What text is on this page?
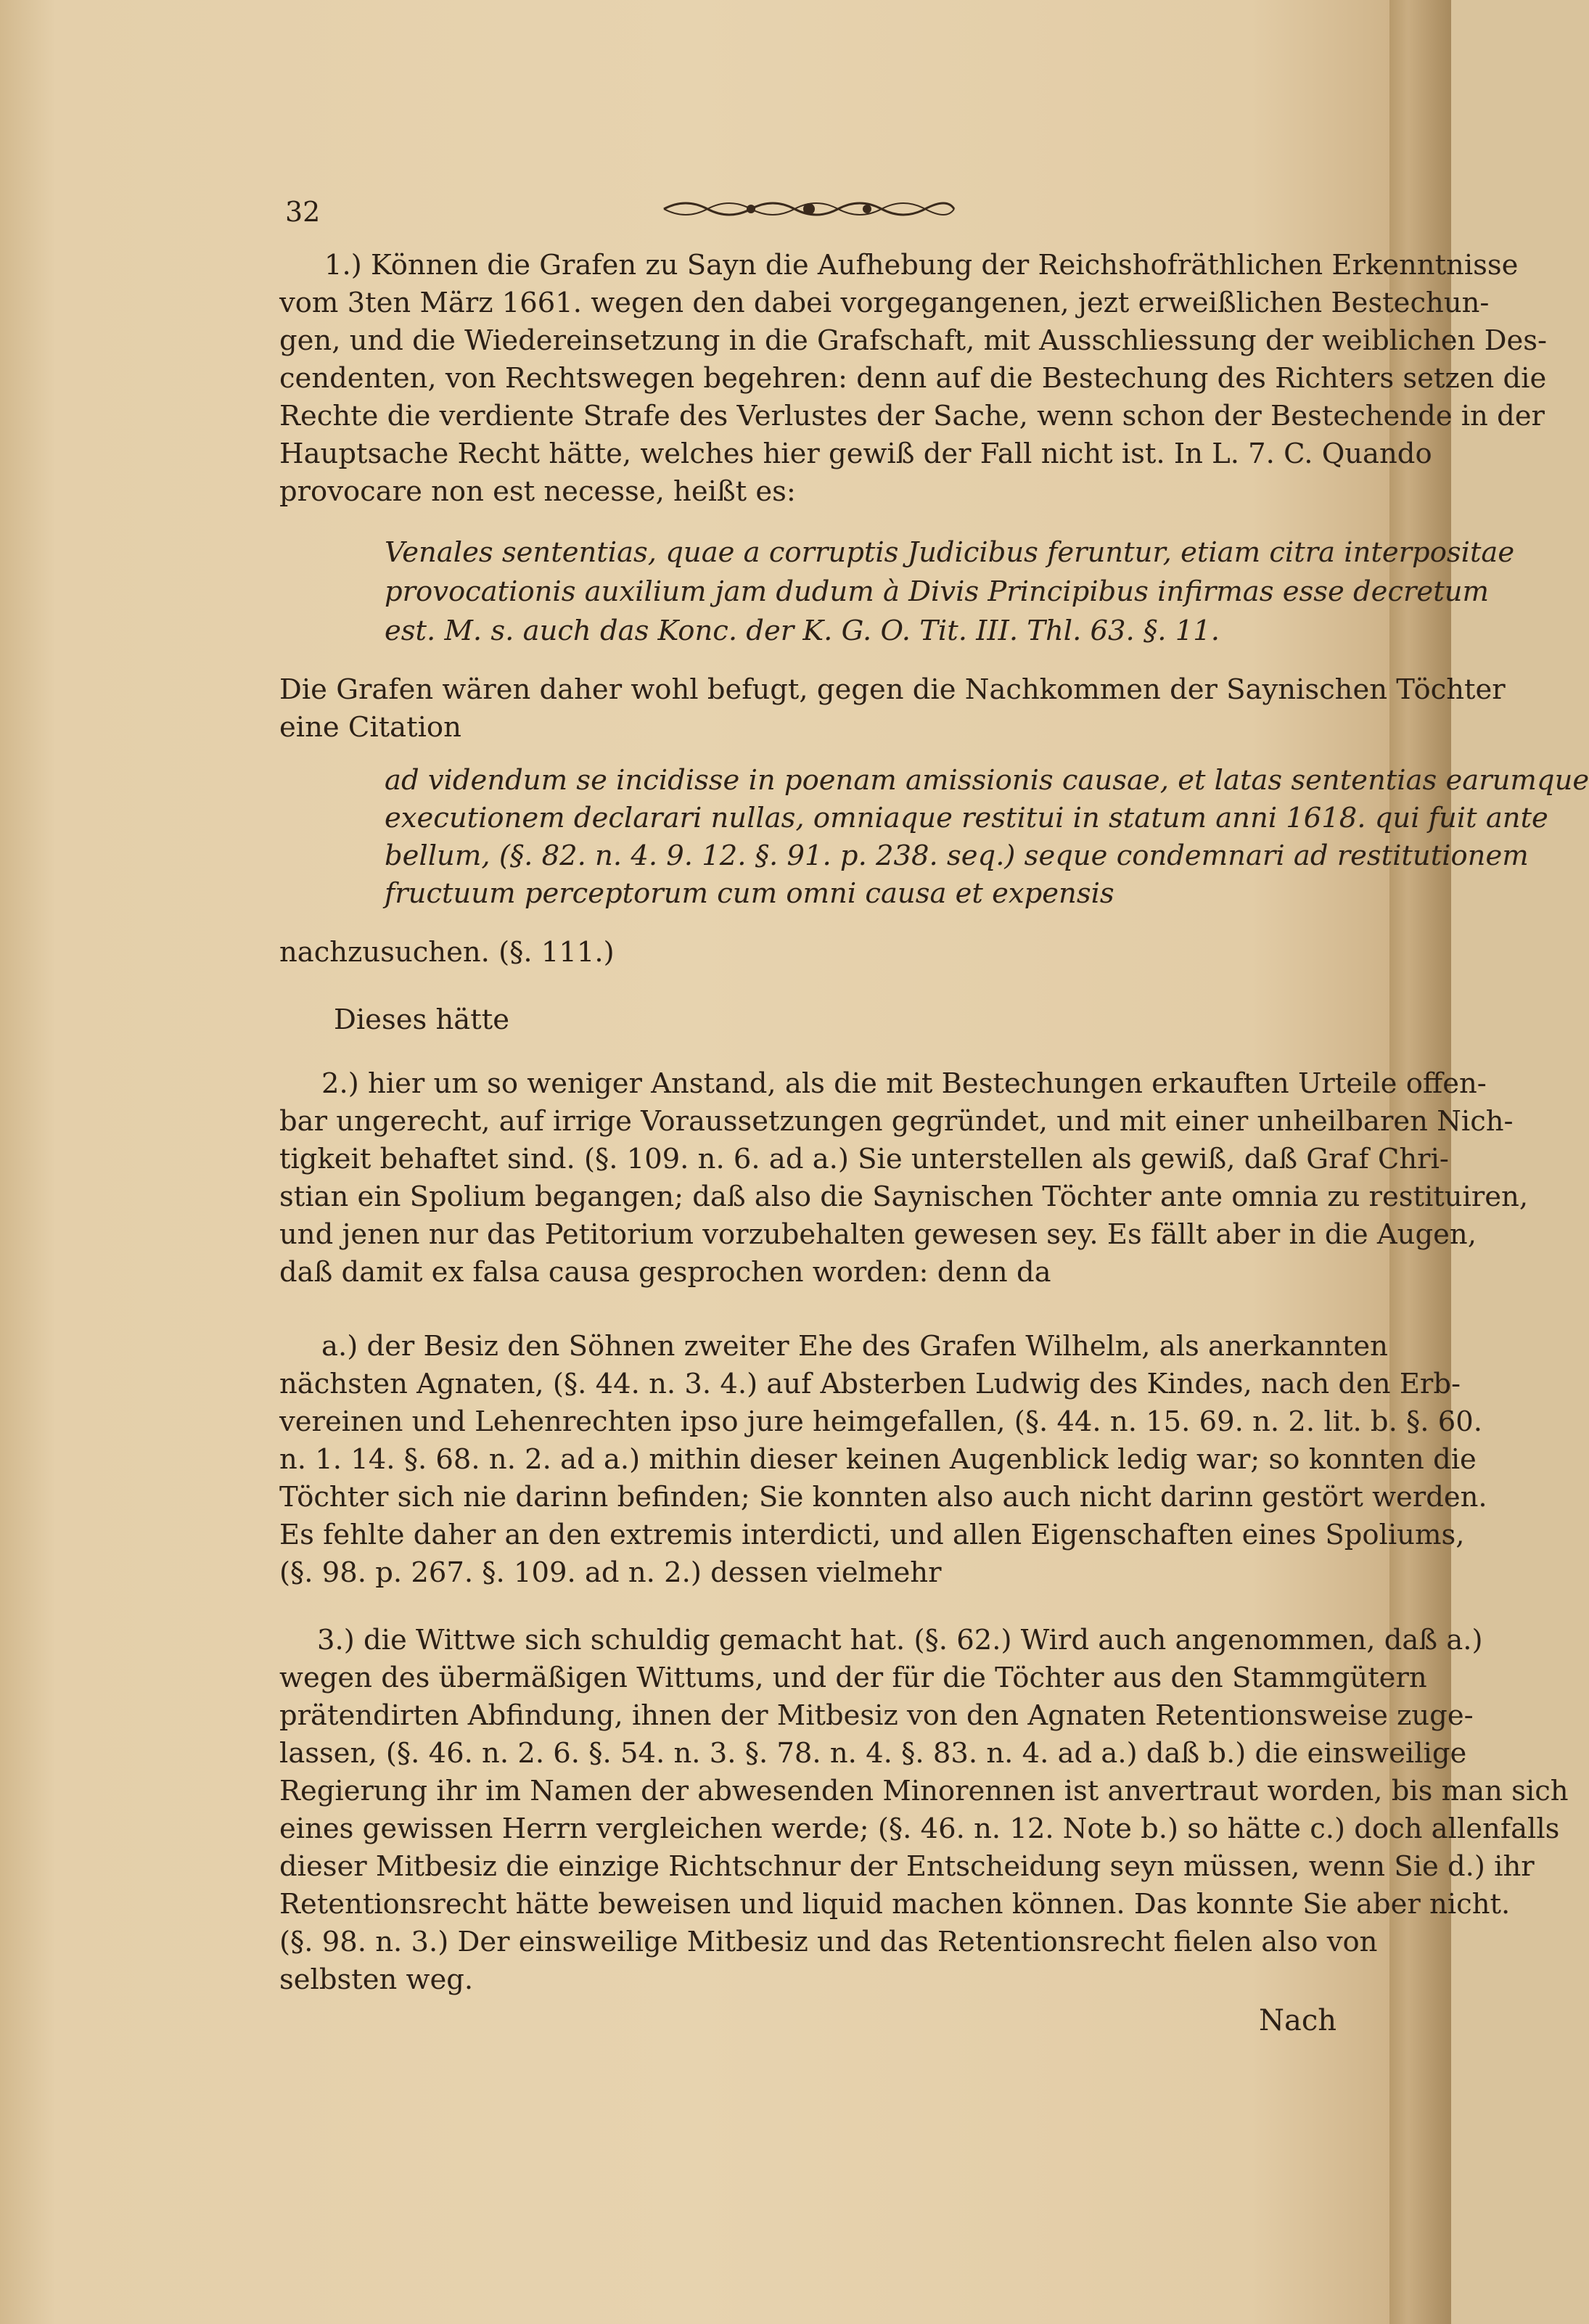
32
1.) Können die Grafen zu Sayn die Aufhebung der Reichshofräthlichen Erkenntnisse
vom 3ten März 1661. wegen den dabei vorgegangenen, jezt erweißlichen Bestechun-
gen, und die Wiedereinsetzung in die Grafschaft, mit Ausschliessung der weiblichen Des-
cendenten, von Rechtswegen begehren: denn auf die Bestechung des Richters setzen die
Rechte die verdiente Strafe des Verlustes der Sache, wenn schon der Bestechende in der
Hauptsache Recht hätte, welches hier gewiß der Fall nicht ist. In L. 7. C. Quando
provocare non est necesse, heißt es:
Venales sententias, quae a corruptis Judicibus feruntur, etiam citra interpositae
provocationis auxilium jam dudum à Divis Principibus infirmas esse decretum
est. M. s. auch das Konc. der K. G. O. Tit. III. Thl. 63. §. 11.
Die Grafen wären daher wohl befugt, gegen die Nachkommen der Saynischen Töchter
eine Citation
ad videndum se incidisse in poenam amissionis causae, et latas sententias earumque
executionem declarari nullas, omniaque restitui in statum anni 1618. qui fuit ante
bellum, (§. 82. n. 4. 9. 12. §. 91. p. 238. seq.) seque condemnari ad restitutionem
fructuum perceptorum cum omni causa et expensis
nachzusuchen. (§. 111.)
Dieses hätte
2.) hier um so weniger Anstand, als die mit Bestechungen erkauften Urteile offen-
bar ungerecht, auf irrige Voraussetzungen gegründet, und mit einer unheilbaren Nich-
tigkeit behaftet sind. (§. 109. n. 6. ad a.) Sie unterstellen als gewiß, daß Graf Chri-
stian ein Spolium begangen; daß also die Saynischen Töchter ante omnia zu restituiren,
und jenen nur das Petitorium vorzubehalten gewesen sey. Es fällt aber in die Augen,
daß damit ex falsa causa gesprochen worden: denn da
a.) der Besiz den Söhnen zweiter Ehe des Grafen Wilhelm, als anerkannten
nächsten Agnaten, (§. 44. n. 3. 4.) auf Absterben Ludwig des Kindes, nach den Erb-
vereinen und Lehenrechten ipso jure heimgefallen, (§. 44. n. 15. 69. n. 2. lit. b. §. 60.
n. 1. 14. §. 68. n. 2. ad a.) mithin dieser keinen Augenblick ledig war; so konnten die
Töchter sich nie darinn befinden; Sie konnten also auch nicht darinn gestört werden.
Es fehlte daher an den extremis interdicti, und allen Eigenschaften eines Spoliums,
(§. 98. p. 267. §. 109. ad n. 2.) dessen vielmehr
3.) die Wittwe sich schuldig gemacht hat. (§. 62.) Wird auch angenommen, daß a.)
wegen des übermäßigen Wittums, und der für die Töchter aus den Stammgütern
prätendirten Abfindung, ihnen der Mitbesiz von den Agnaten Retentionsweise zuge-
lassen, (§. 46. n. 2. 6. §. 54. n. 3. §. 78. n. 4. §. 83. n. 4. ad a.) daß b.) die einsweilige
Regierung ihr im Namen der abwesenden Minorennen ist anvertraut worden, bis man sich
eines gewissen Herrn vergleichen werde; (§. 46. n. 12. Note b.) so hätte c.) doch allenfalls
dieser Mitbesiz die einzige Richtschnur der Entscheidung seyn müssen, wenn Sie d.) ihr
Retentionsrecht hätte beweisen und liquid machen können. Das konnte Sie aber nicht.
(§. 98. n. 3.) Der einsweilige Mitbesiz und das Retentionsrecht fielen also von
selbsten weg.
Nach
